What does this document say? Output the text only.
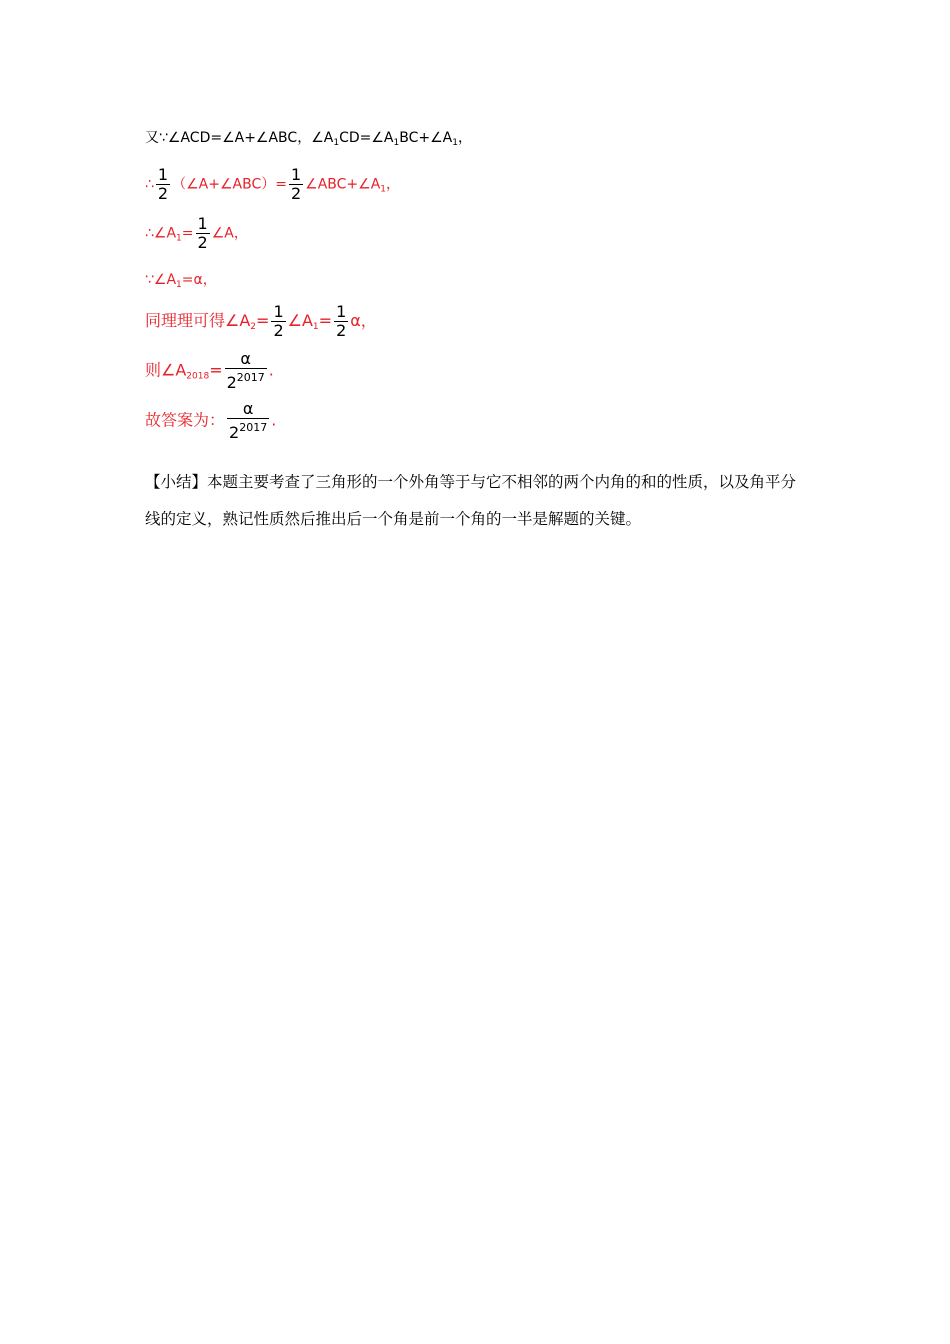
又∵∠ACD=∠A+∠ABC，$\angle A_1CD=\angle A_1BC+\angle A_1$，
∴ $\frac{1}{2}$ （∠A+∠ABC）= $\frac{1}{2}$ $\angle ABC+\angle A_1$，
$\therefore\angle A_1= \frac{1}{2}$ ∠A，
$\because\angle A_1=\alpha$，
同理理可得$\angle A_2= \frac{1}{2}$ $\angle A_1= \frac{1}{2}$ α，
则$\angle A_{2018}= \frac{\alpha}{2^{2017}}$ .
故答案为： $\frac{\alpha}{2^{2017}}$ .
【小结】本题主要考查了三角形的一个外角等于与它不相邻的两个内角的和的性质，以及角平分线的定义，熟记性质然后推出后一个角是前一个角的一半是解题的关键。
